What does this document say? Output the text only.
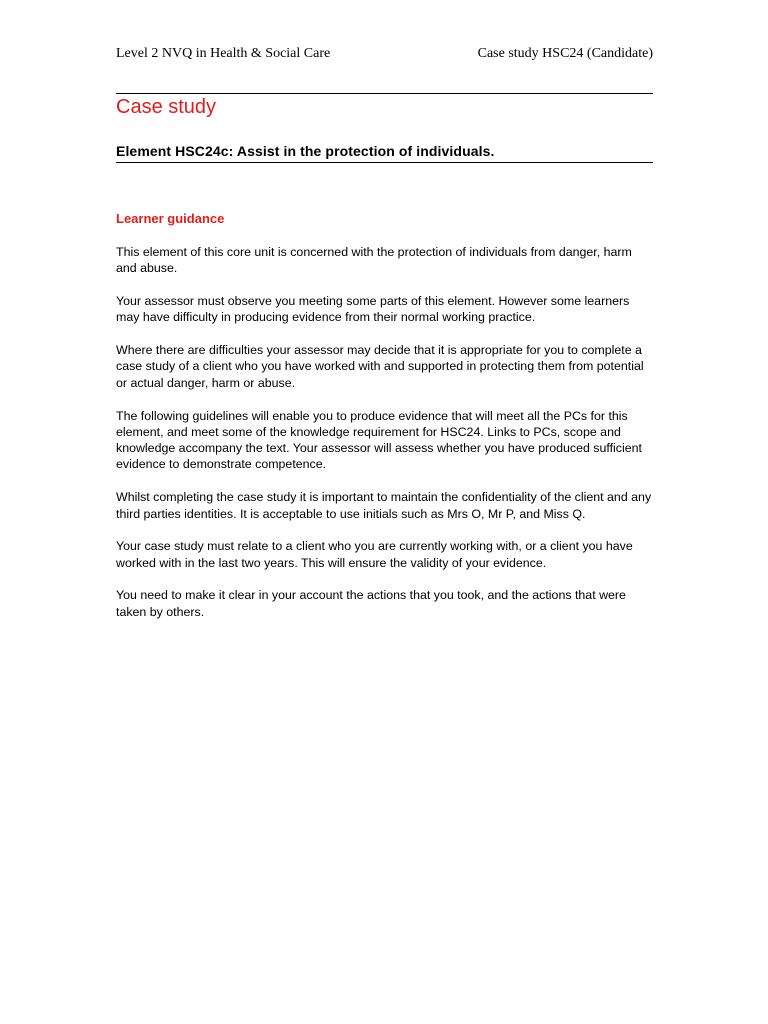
Level 2 NVQ in Health & Social Care	Case study HSC24 (Candidate)
Case study
Element HSC24c: Assist in the protection of individuals.
Learner guidance

This element of this core unit is concerned with the protection of individuals from danger, harm and abuse.

Your assessor must observe you meeting some parts of this element. However some learners may have difficulty in producing evidence from their normal working practice.

Where there are difficulties your assessor may decide that it is appropriate for you to complete a case study of a client who you have worked with and supported in protecting them from potential or actual danger, harm or abuse.

The following guidelines will enable you to produce evidence that will meet all the PCs for this element, and meet some of the knowledge requirement for HSC24. Links to PCs, scope and knowledge accompany the text. Your assessor will assess whether you have produced sufficient evidence to demonstrate competence.

Whilst completing the case study it is important to maintain the confidentiality of the client and any third parties identities. It is acceptable to use initials such as Mrs O, Mr P, and Miss Q.

Your case study must relate to a client who you are currently working with, or a client you have worked with in the last two years. This will ensure the validity of your evidence.

You need to make it clear in your account the actions that you took, and the actions that were taken by others.
